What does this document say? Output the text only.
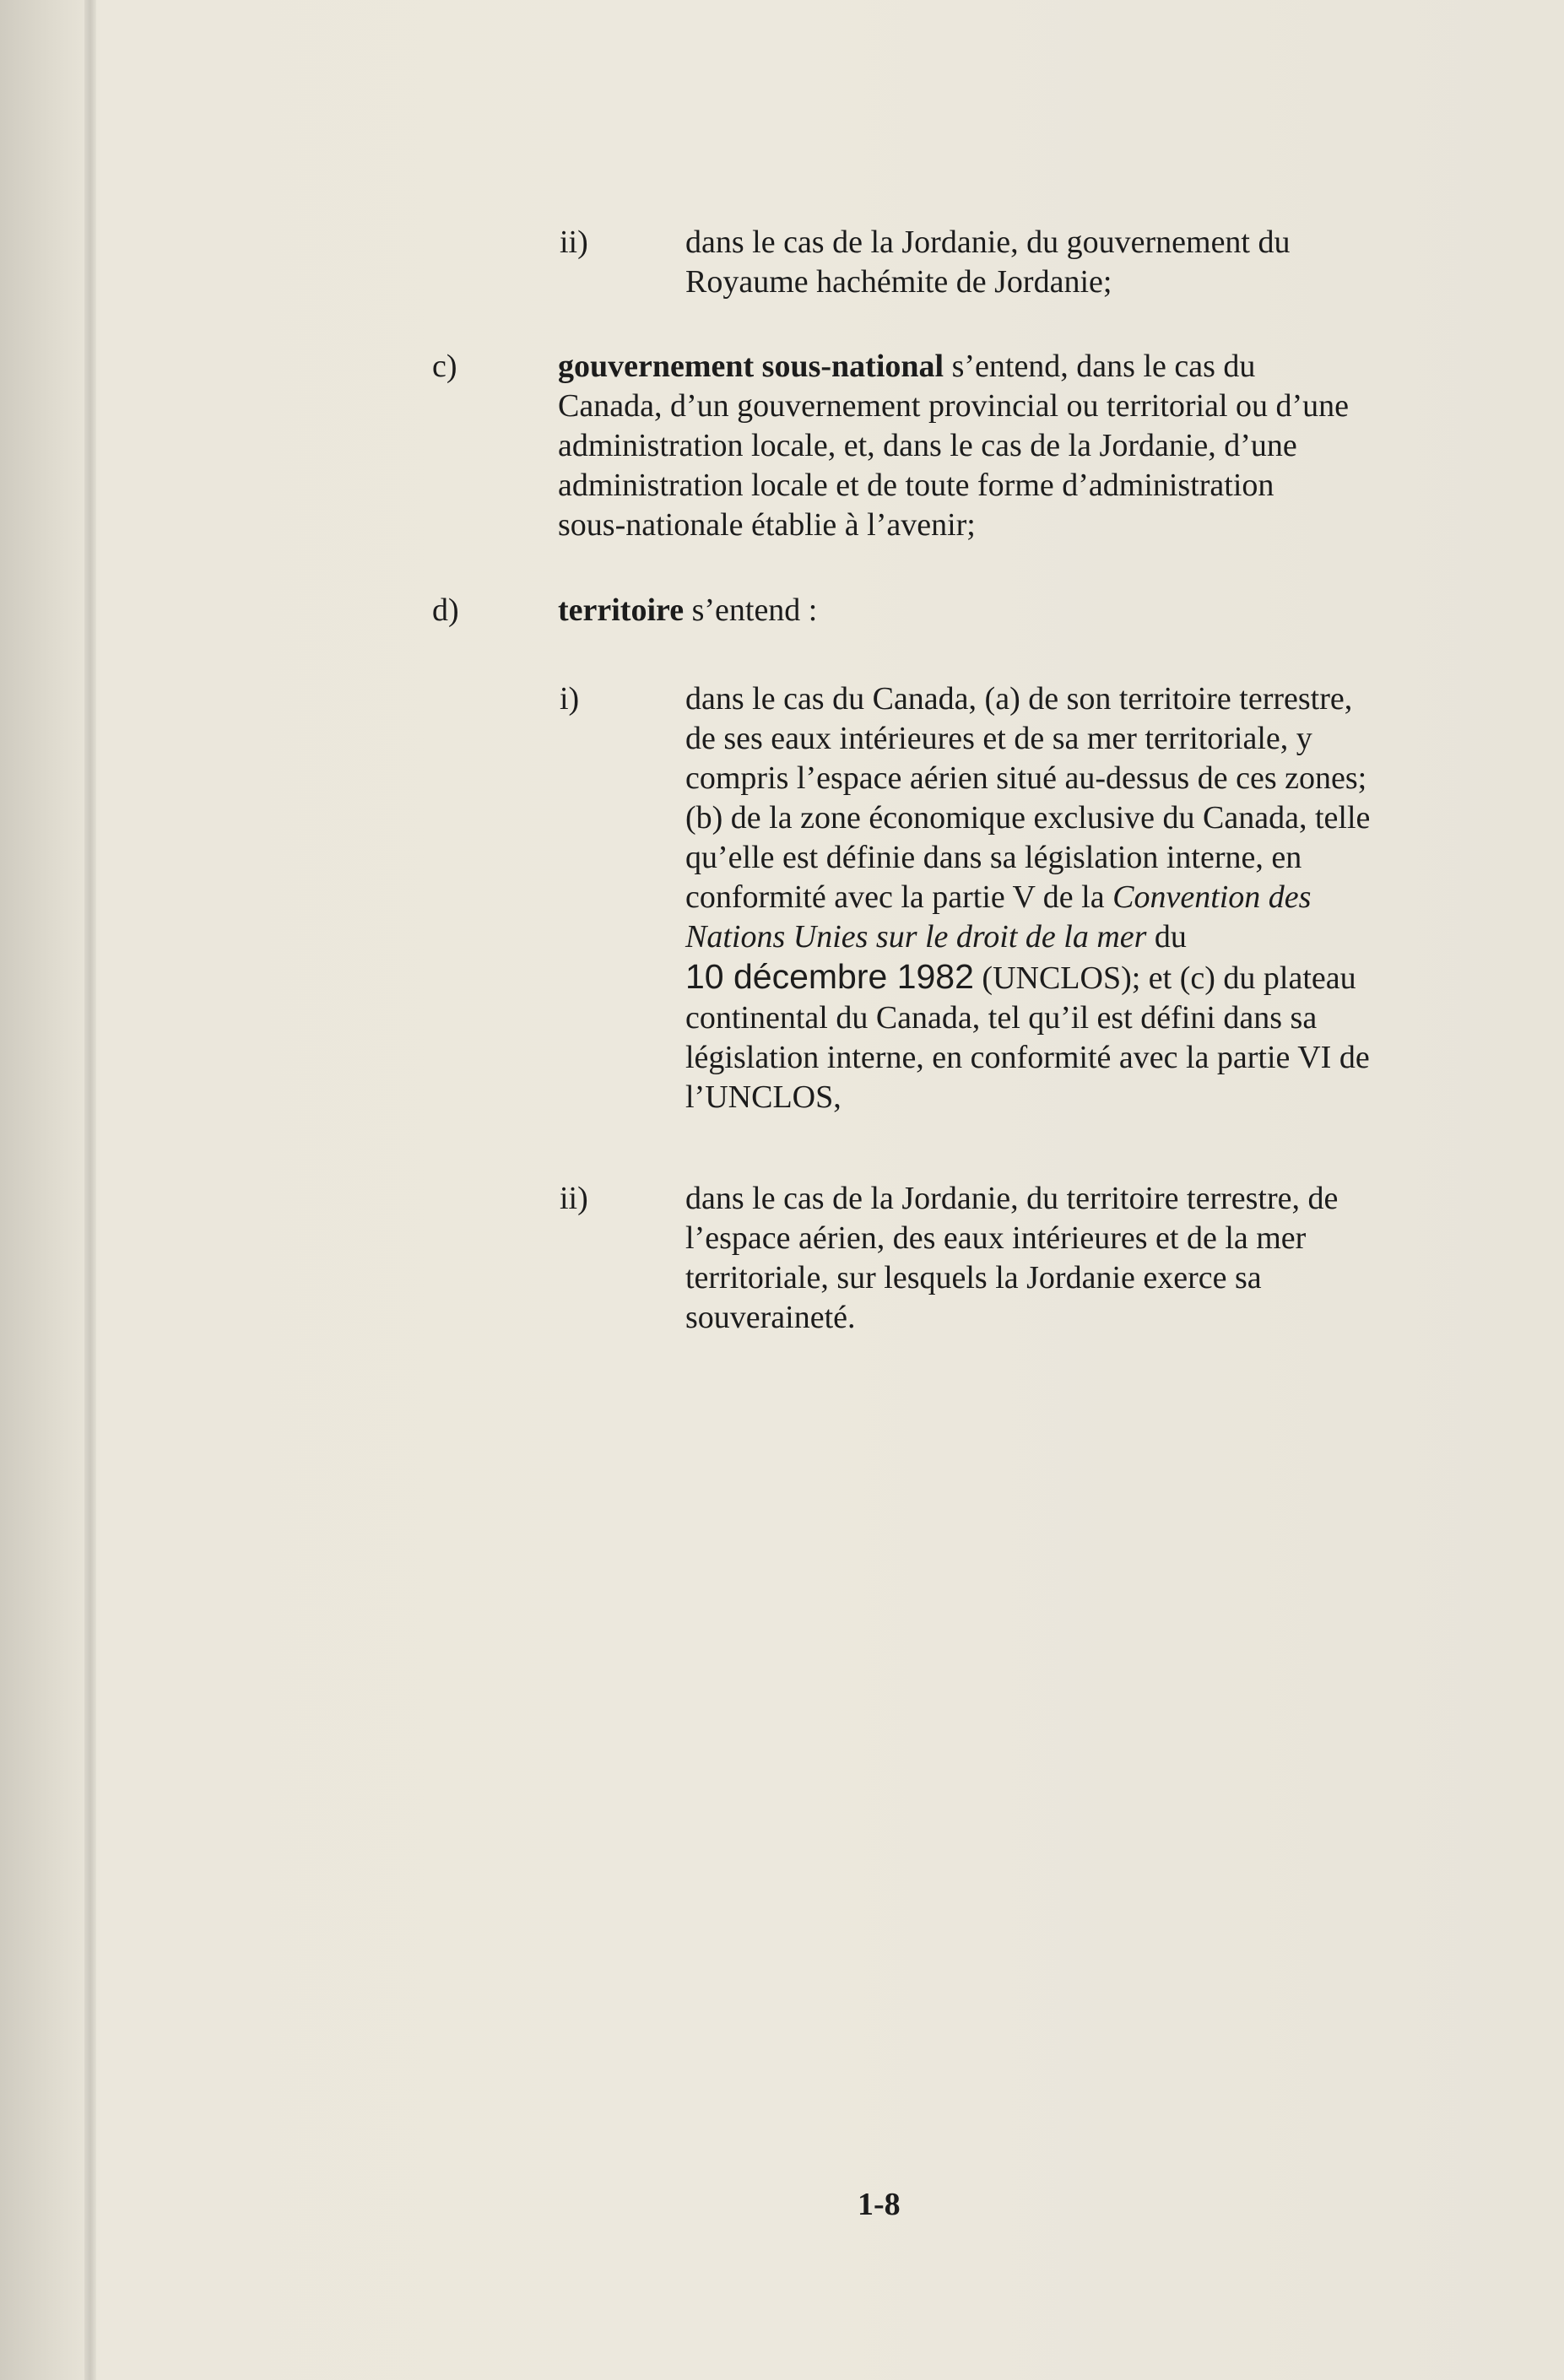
ii)	dans le cas de la Jordanie, du gouvernement du
Royaume hachémite de Jordanie;
c)	gouvernement sous-national s’entend, dans le cas du
Canada, d’un gouvernement provincial ou territorial ou d’une
administration locale, et, dans le cas de la Jordanie, d’une
administration locale et de toute forme d’administration
sous-nationale établie à l’avenir;
d)	territoire s’entend :
i)	dans le cas du Canada, (a) de son territoire terrestre,
de ses eaux intérieures et de sa mer territoriale, y
compris l’espace aérien situé au-dessus de ces zones;
(b) de la zone économique exclusive du Canada, telle
qu’elle est définie dans sa législation interne, en
conformité avec la partie V de la Convention des
Nations Unies sur le droit de la mer du
10 décembre 1982 (UNCLOS); et (c) du plateau
continental du Canada, tel qu’il est défini dans sa
législation interne, en conformité avec la partie VI de
l’UNCLOS,
ii)	dans le cas de la Jordanie, du territoire terrestre, de
l’espace aérien, des eaux intérieures et de la mer
territoriale, sur lesquels la Jordanie exerce sa
souveraineté.
1-8
